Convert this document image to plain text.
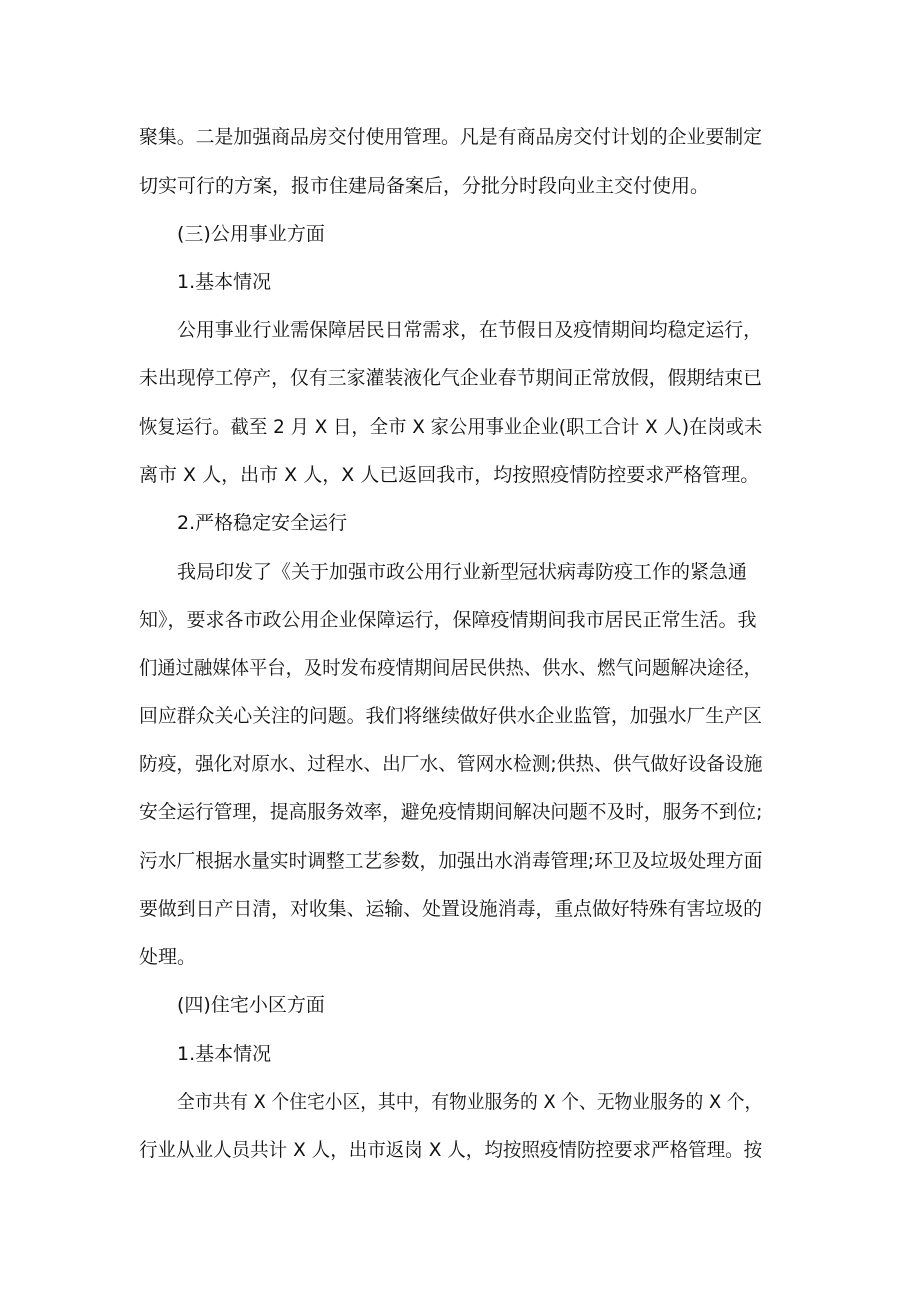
聚集。二是加强商品房交付使用管理。凡是有商品房交付计划的企业要制定
切实可行的方案，报市住建局备案后，分批分时段向业主交付使用。
(三)公用事业方面
1.基本情况
公用事业行业需保障居民日常需求，在节假日及疫情期间均稳定运行，
未出现停工停产，仅有三家灌装液化气企业春节期间正常放假，假期结束已
恢复运行。截至 2 月 X 日，全市 X 家公用事业企业(职工合计 X 人)在岗或未
离市 X 人，出市 X 人，X 人已返回我市，均按照疫情防控要求严格管理。
2.严格稳定安全运行
我局印发了《关于加强市政公用行业新型冠状病毒防疫工作的紧急通
知》，要求各市政公用企业保障运行，保障疫情期间我市居民正常生活。我
们通过融媒体平台，及时发布疫情期间居民供热、供水、燃气问题解决途径，
回应群众关心关注的问题。我们将继续做好供水企业监管，加强水厂生产区
防疫，强化对原水、过程水、出厂水、管网水检测;供热、供气做好设备设施
安全运行管理，提高服务效率，避免疫情期间解决问题不及时，服务不到位;
污水厂根据水量实时调整工艺参数，加强出水消毒管理;环卫及垃圾处理方面
要做到日产日清，对收集、运输、处置设施消毒，重点做好特殊有害垃圾的
处理。
(四)住宅小区方面
1.基本情况
全市共有 X 个住宅小区，其中，有物业服务的 X 个、无物业服务的 X 个，
行业从业人员共计 X 人，出市返岗 X 人，均按照疫情防控要求严格管理。按
